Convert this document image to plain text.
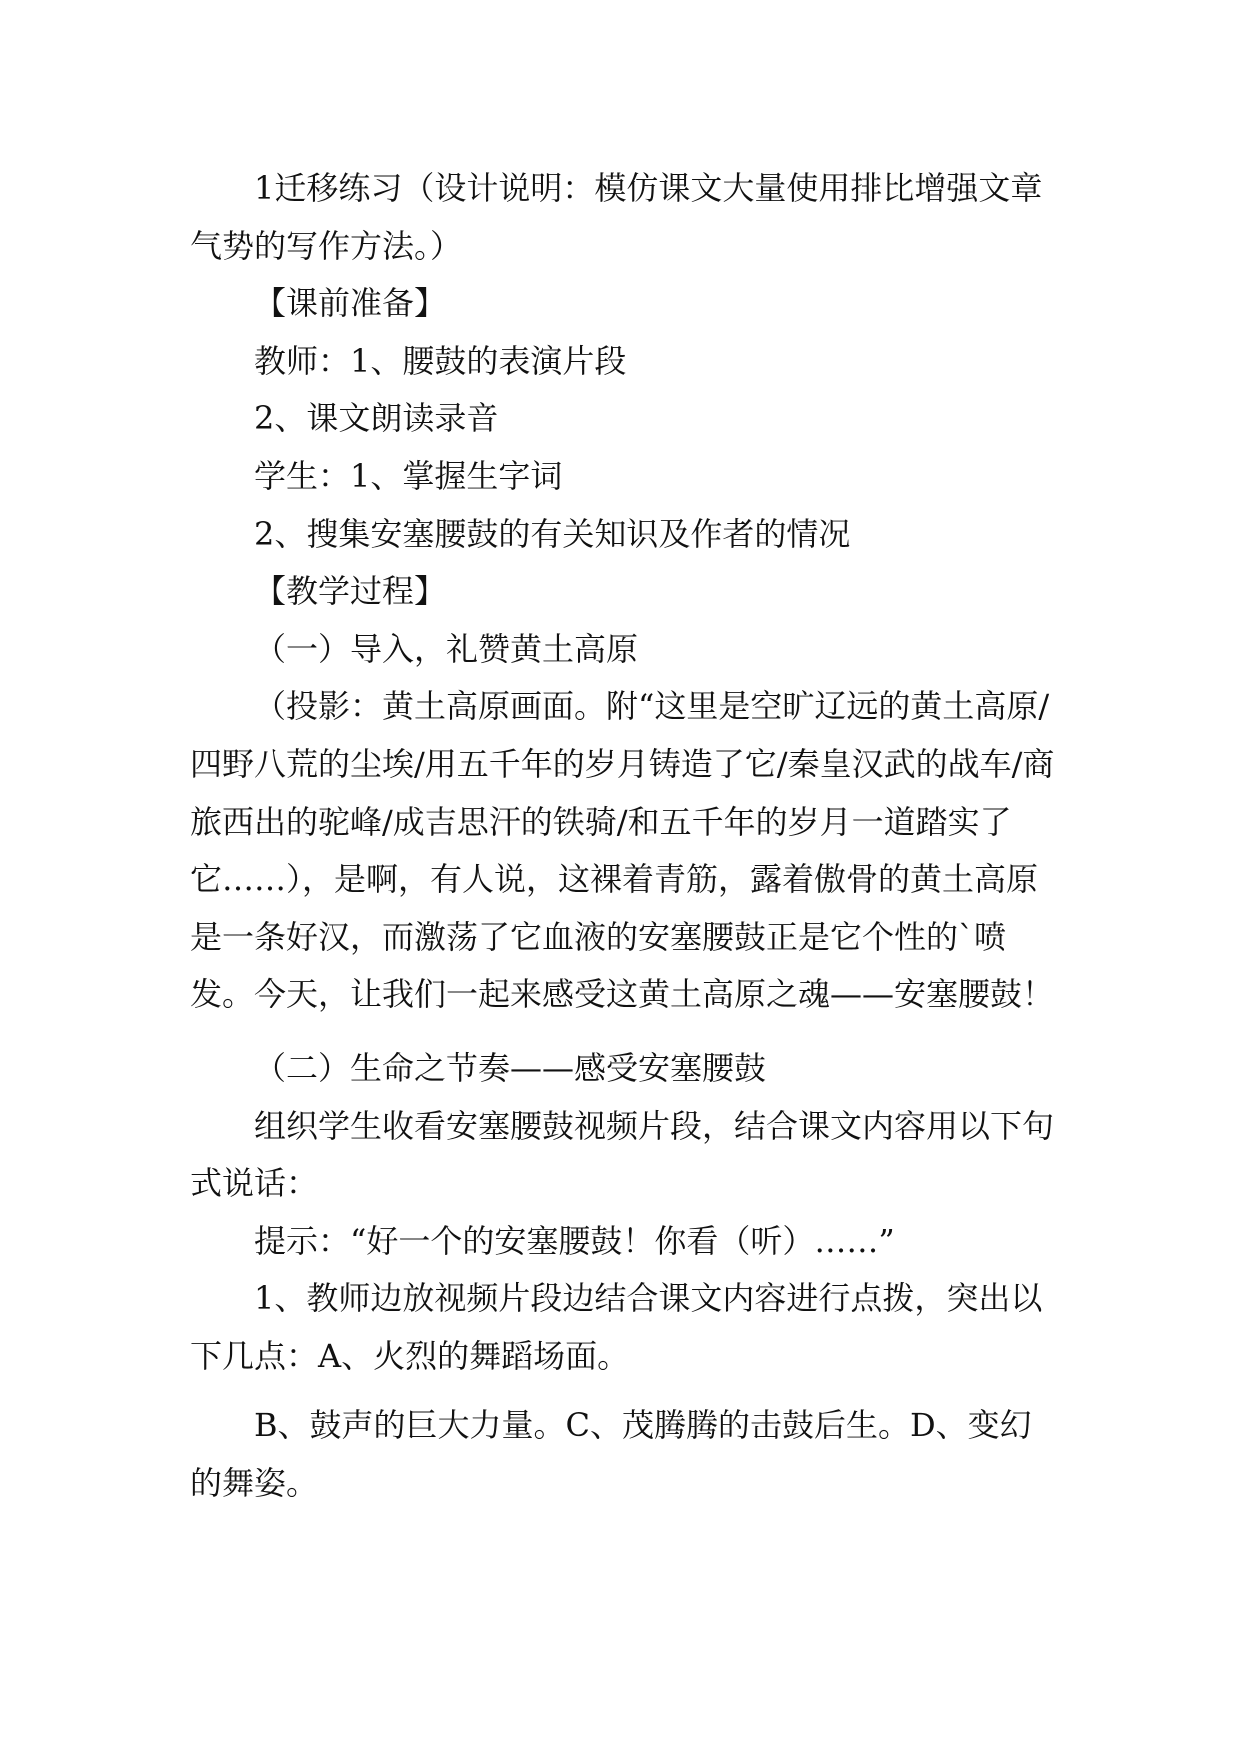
1迁移练习（设计说明：模仿课文大量使用排比增强文章气势的写作方法。）

【课前准备】

教师：1、腰鼓的表演片段

2、课文朗读录音

学生：1、掌握生字词

2、搜集安塞腰鼓的有关知识及作者的情况

【教学过程】

（一）导入，礼赞黄土高原

（投影：黄土高原画面。附“这里是空旷辽远的黄土高原/四野八荒的尘埃/用五千年的岁月铸造了它/秦皇汉武的战车/商旅西出的驼峰/成吉思汗的铁骑/和五千年的岁月一道踏实了它……），是啊，有人说，这裸着青筋，露着傲骨的黄土高原是一条好汉，而激荡了它血液的安塞腰鼓正是它个性的`喷发。今天，让我们一起来感受这黄土高原之魂——安塞腰鼓！

（二）生命之节奏——感受安塞腰鼓

组织学生收看安塞腰鼓视频片段，结合课文内容用以下句式说话：

提示：“好一个的安塞腰鼓！你看（听）……”

1、教师边放视频片段边结合课文内容进行点拨，突出以下几点：A、火烈的舞蹈场面。

B、鼓声的巨大力量。C、茂腾腾的击鼓后生。D、变幻的舞姿。
